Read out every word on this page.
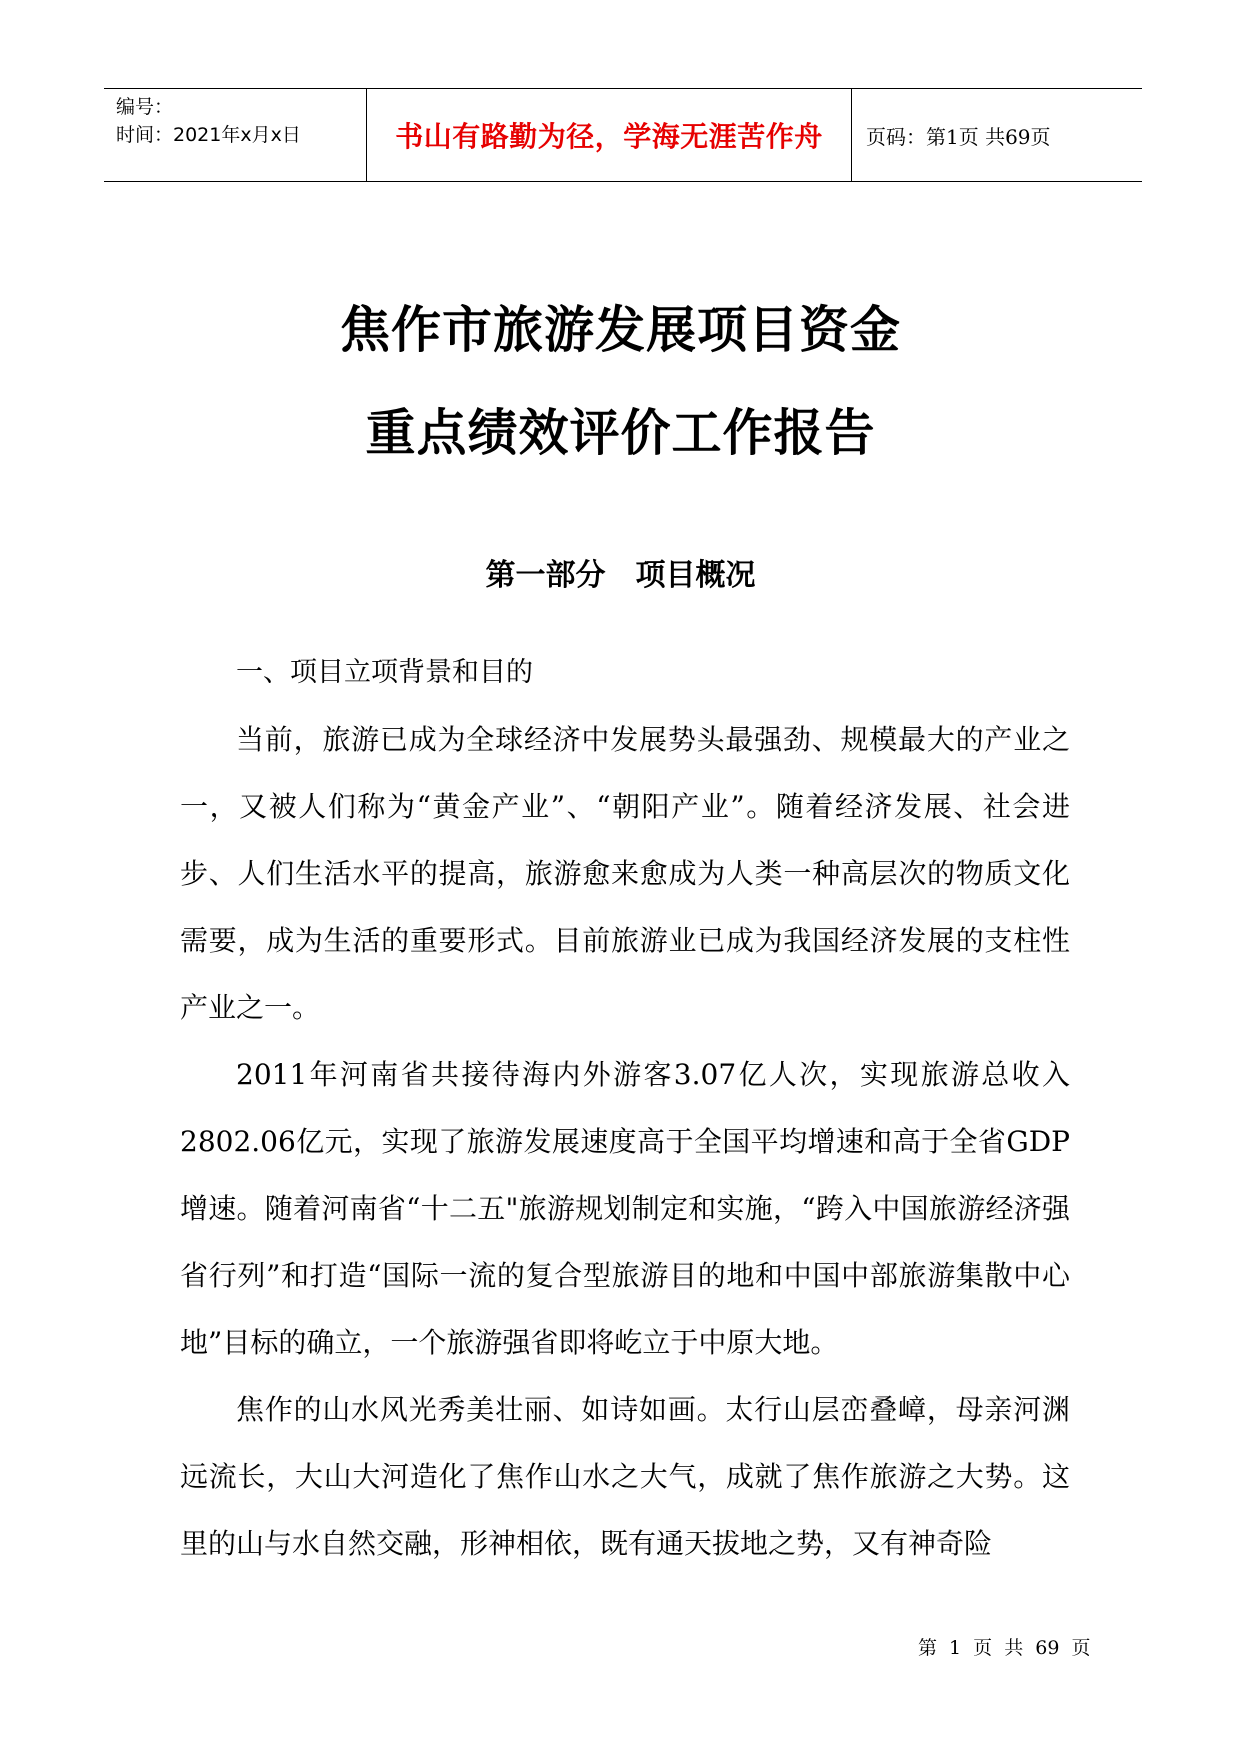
编号：
时间：2021年x月x日	书山有路勤为径，学海无涯苦作舟	页码：第1页 共69页
焦作市旅游发展项目资金
重点绩效评价工作报告
第一部分　项目概况
一、项目立项背景和目的

当前，旅游已成为全球经济中发展势头最强劲、规模最大的产业之一，又被人们称为“黄金产业”、“朝阳产业”。随着经济发展、社会进步、人们生活水平的提高，旅游愈来愈成为人类一种高层次的物质文化需要，成为生活的重要形式。目前旅游业已成为我国经济发展的支柱性产业之一。

2011年河南省共接待海内外游客3.07亿人次，实现旅游总收入2802.06亿元，实现了旅游发展速度高于全国平均增速和高于全省GDP增速。随着河南省“十二五"旅游规划制定和实施，“跨入中国旅游经济强省行列”和打造“国际一流的复合型旅游目的地和中国中部旅游集散中心地”目标的确立，一个旅游强省即将屹立于中原大地。

焦作的山水风光秀美壮丽、如诗如画。太行山层峦叠嶂，母亲河渊远流长，大山大河造化了焦作山水之大气，成就了焦作旅游之大势。这里的山与水自然交融，形神相依，既有通天拔地之势，又有神奇险

第 1 页 共 69 页
